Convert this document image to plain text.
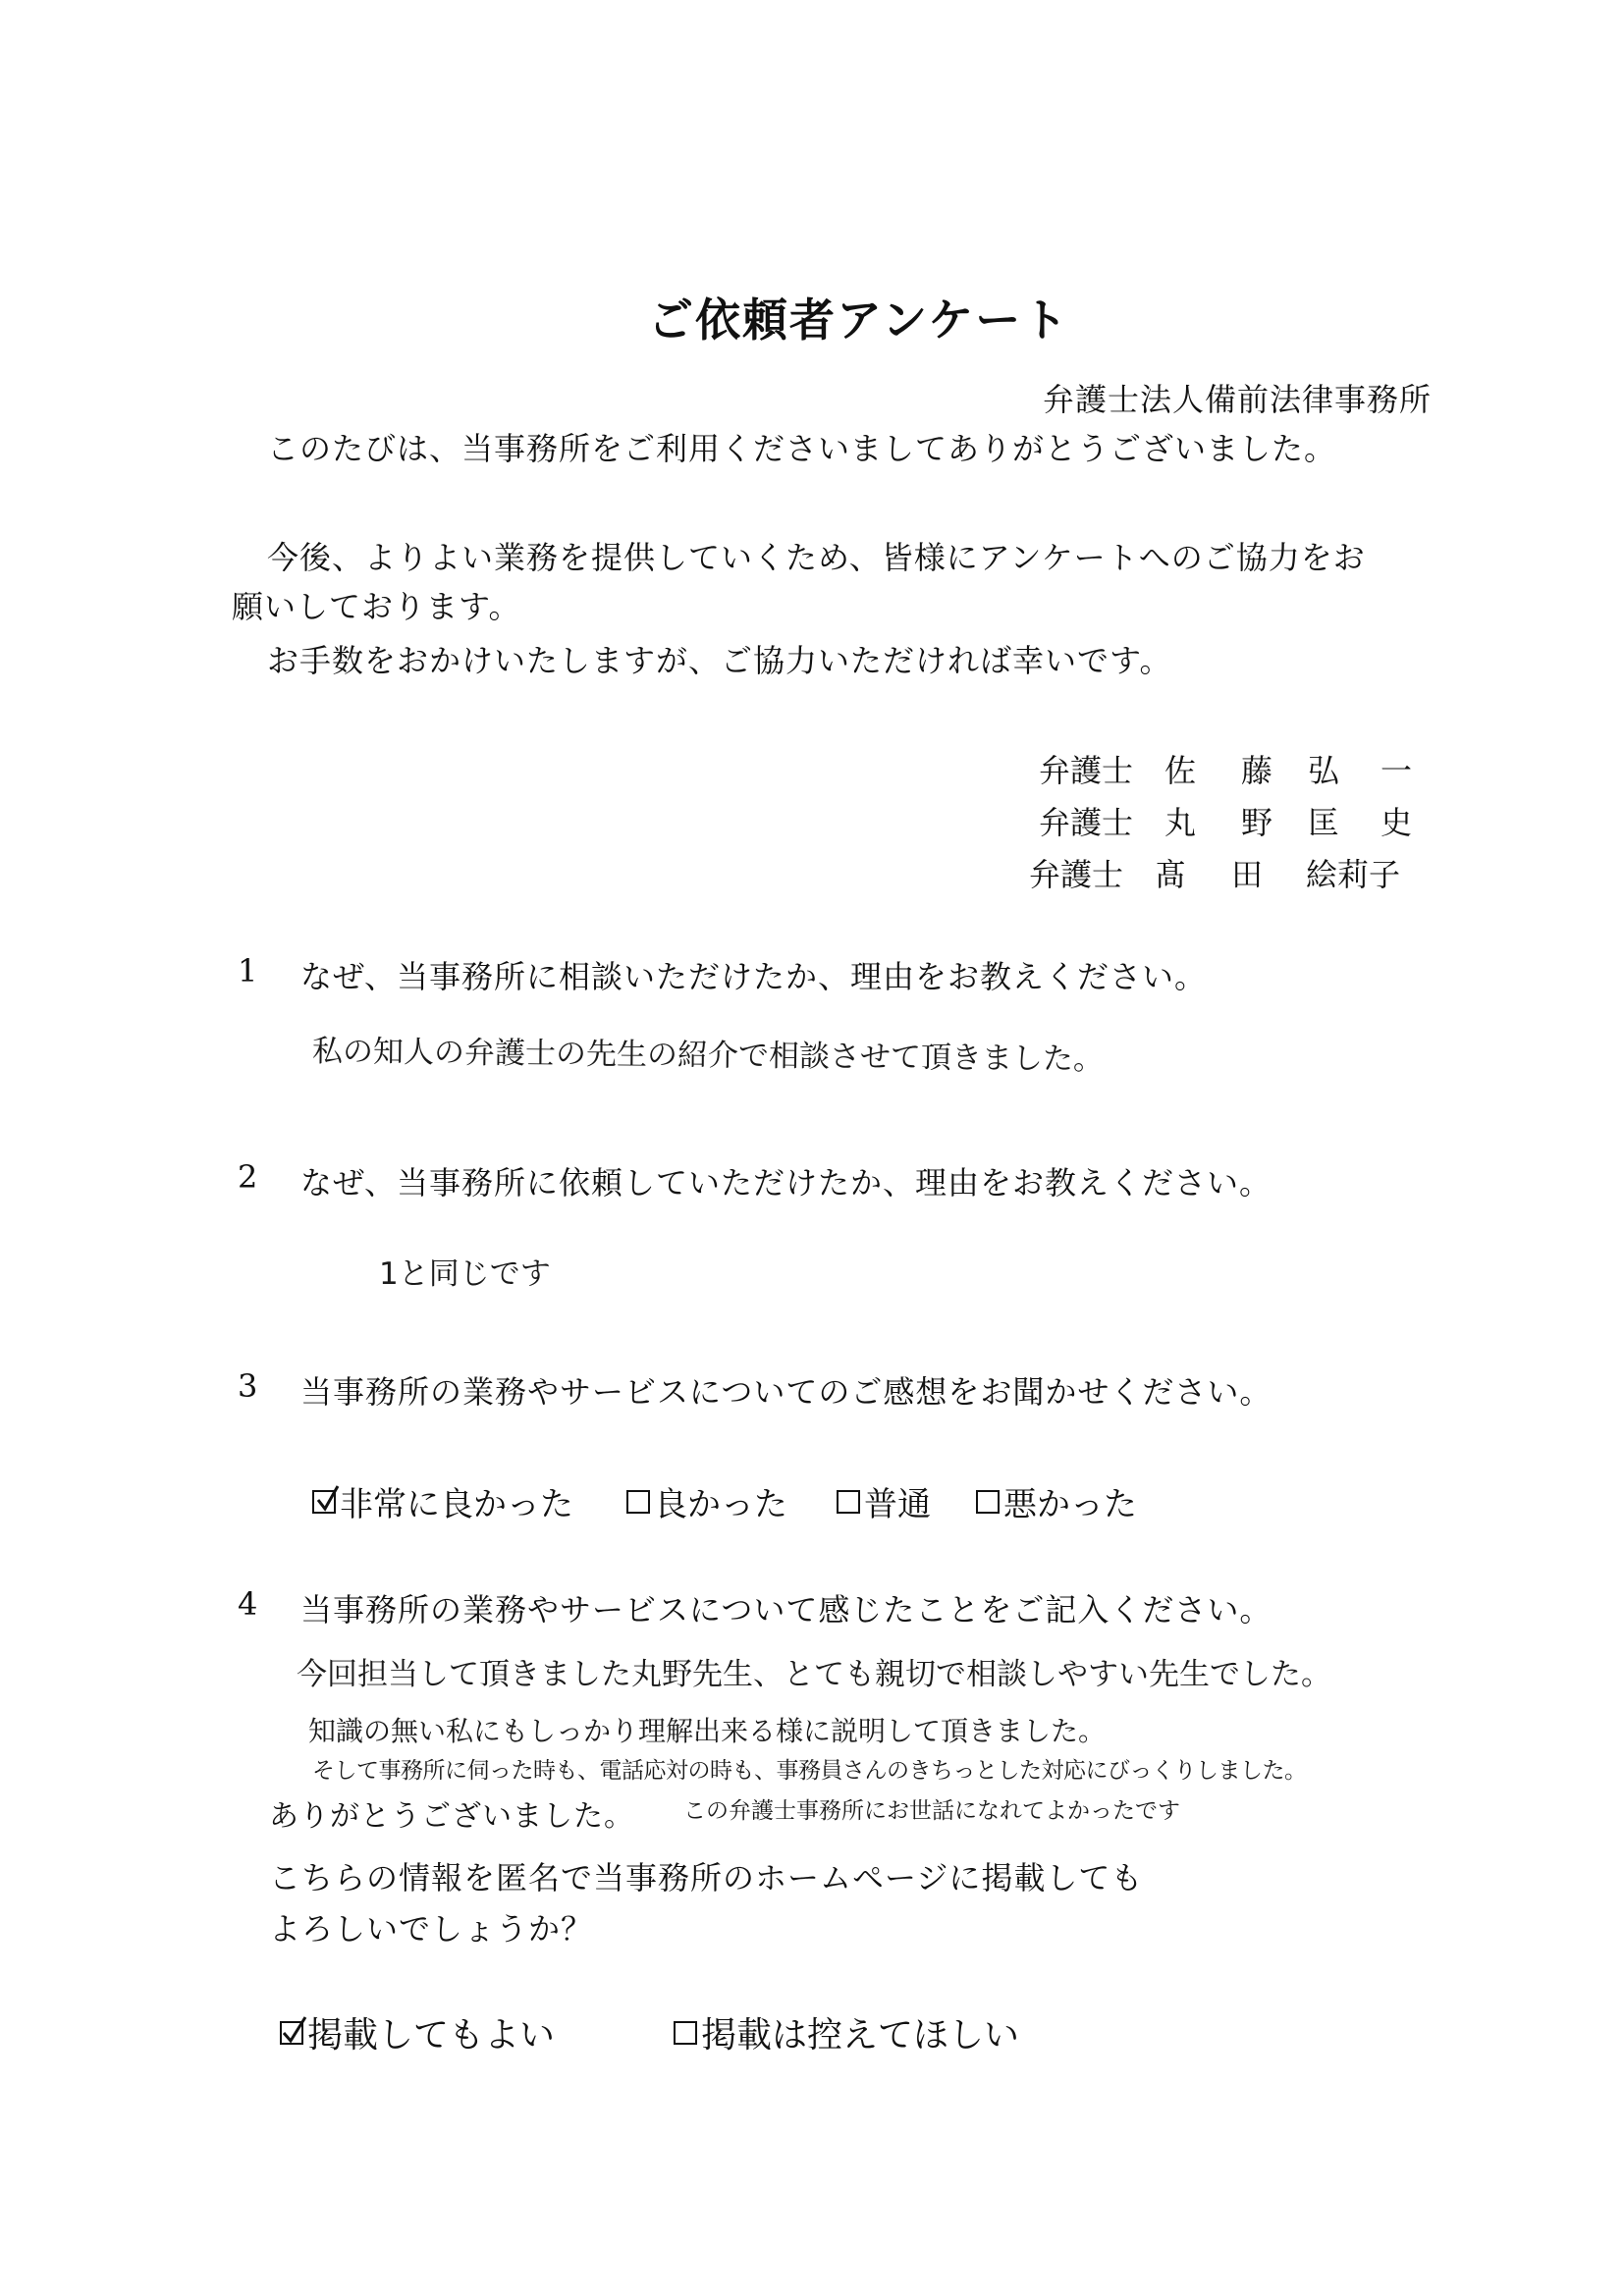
ご依頼者アンケート

弁護士法人備前法律事務所

このたびは、当事務所をご利用くださいましてありがとうございました。

今後、よりよい業務を提供していくため、皆様にアンケートへのご協力をお

願いしております。

お手数をおかけいたしますが、ご協力いただければ幸いです。

弁護士 佐 藤 弘 一
弁護士 丸 野 匡 史
弁護士 髙 田 絵莉子

1 なぜ、当事務所に相談いただけたか、理由をお教えください。

私の知人の弁護士の先生の紹介で相談させて頂きました。

2 なぜ、当事務所に依頼していただけたか、理由をお教えください。

1と同じです

3 当事務所の業務やサービスについてのご感想をお聞かせください。

非常に良かった 良かった 普通 悪かった

4 当事務所の業務やサービスについて感じたことをご記入ください。

今回担当して頂きました丸野先生、とても親切で相談しやすい先生でした。

知識の無い私にもしっかり理解出来る様に説明して頂きました。

そして事務所に伺った時も、電話応対の時も、事務員さんのきちっとした対応にびっくりしました。

ありがとうございました。 この弁護士事務所にお世話になれてよかったです

こちらの情報を匿名で当事務所のホームページに掲載しても

よろしいでしょうか？

掲載してもよい	掲載は控えてほしい
